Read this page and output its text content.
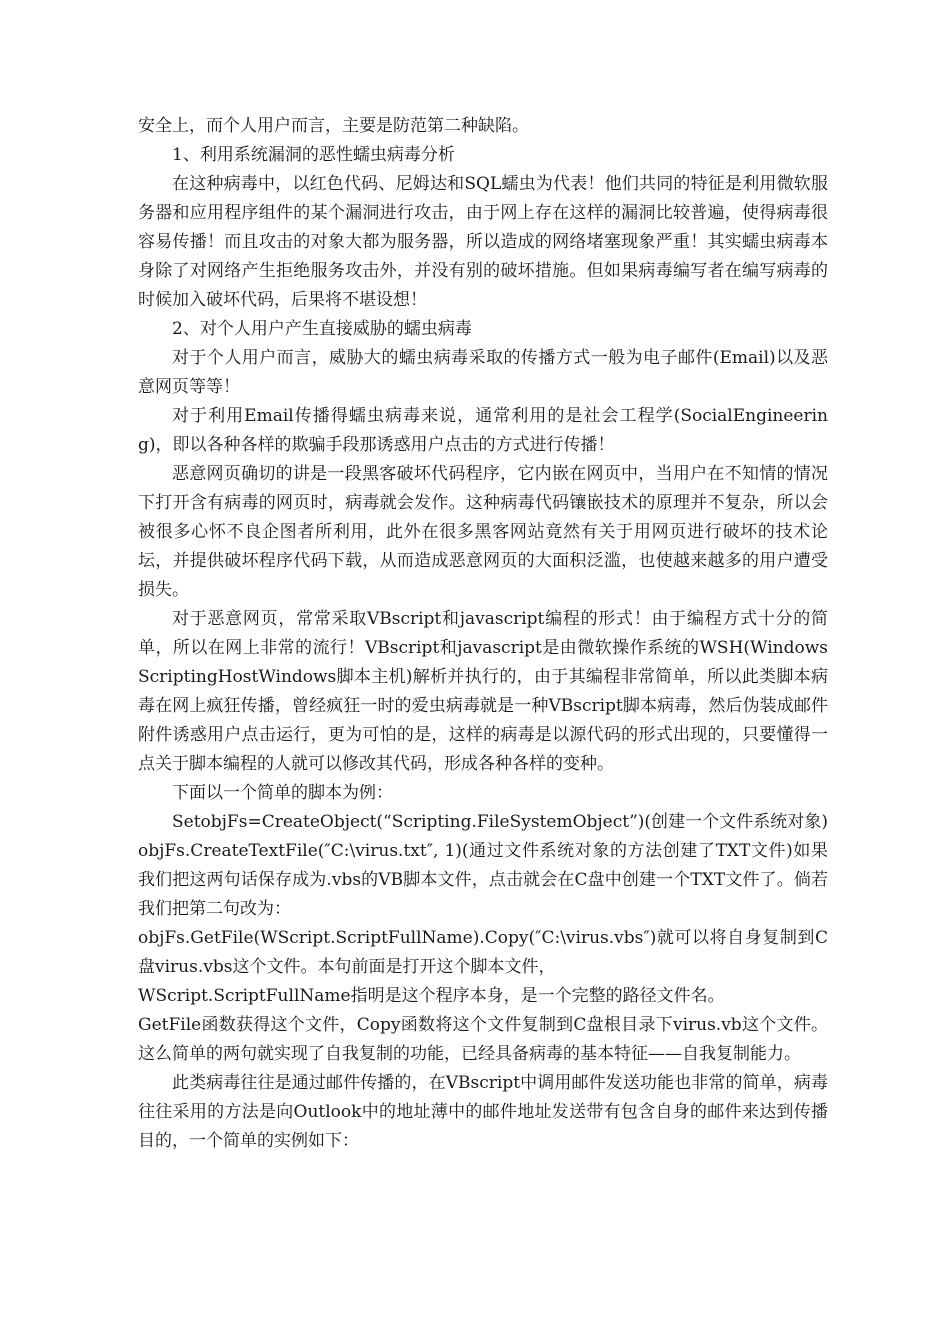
安全上，而个人用户而言，主要是防范第二种缺陷。

1、利用系统漏洞的恶性蠕虫病毒分析

在这种病毒中，以红色代码、尼姆达和SQL蠕虫为代表！他们共同的特征是利用微软服务器和应用程序组件的某个漏洞进行攻击，由于网上存在这样的漏洞比较普遍，使得病毒很容易传播！而且攻击的对象大都为服务器，所以造成的网络堵塞现象严重！其实蠕虫病毒本身除了对网络产生拒绝服务攻击外，并没有别的破坏措施。但如果病毒编写者在编写病毒的时候加入破坏代码，后果将不堪设想！

2、对个人用户产生直接威胁的蠕虫病毒

对于个人用户而言，威胁大的蠕虫病毒采取的传播方式一般为电子邮件(Email)以及恶意网页等等！

对于利用Email传播得蠕虫病毒来说，通常利用的是社会工程学(SocialEngineering)，即以各种各样的欺骗手段那诱惑用户点击的方式进行传播！

恶意网页确切的讲是一段黑客破坏代码程序，它内嵌在网页中，当用户在不知情的情况下打开含有病毒的网页时，病毒就会发作。这种病毒代码镶嵌技术的原理并不复杂，所以会被很多心怀不良企图者所利用，此外在很多黑客网站竟然有关于用网页进行破坏的技术论坛，并提供破坏程序代码下载，从而造成恶意网页的大面积泛滥，也使越来越多的用户遭受损失。

对于恶意网页，常常采取VBscript和javascript编程的形式！由于编程方式十分的简单，所以在网上非常的流行！VBscript和javascript是由微软操作系统的WSH(WindowsScriptingHostWindows脚本主机)解析并执行的，由于其编程非常简单，所以此类脚本病毒在网上疯狂传播，曾经疯狂一时的爱虫病毒就是一种VBscript脚本病毒，然后伪装成邮件附件诱惑用户点击运行，更为可怕的是，这样的病毒是以源代码的形式出现的，只要懂得一点关于脚本编程的人就可以修改其代码，形成各种各样的变种。

下面以一个简单的脚本为例：

SetobjFs=CreateObject(“Scripting.FileSystemObject”)(创建一个文件系统对象)objFs.CreateTextFile(″C:\virus.txt″, 1)(通过文件系统对象的方法创建了TXT文件)如果我们把这两句话保存成为.vbs的VB脚本文件，点击就会在C盘中创建一个TXT文件了。倘若我们把第二句改为：

objFs.GetFile(WScript.ScriptFullName).Copy(″C:\virus.vbs″)就可以将自身复制到C盘virus.vbs这个文件。本句前面是打开这个脚本文件，

WScript.ScriptFullName指明是这个程序本身，是一个完整的路径文件名。

GetFile函数获得这个文件，Copy函数将这个文件复制到C盘根目录下virus.vb这个文件。这么简单的两句就实现了自我复制的功能，已经具备病毒的基本特征——自我复制能力。

此类病毒往往是通过邮件传播的，在VBscript中调用邮件发送功能也非常的简单，病毒往往采用的方法是向Outlook中的地址薄中的邮件地址发送带有包含自身的邮件来达到传播目的，一个简单的实例如下：
